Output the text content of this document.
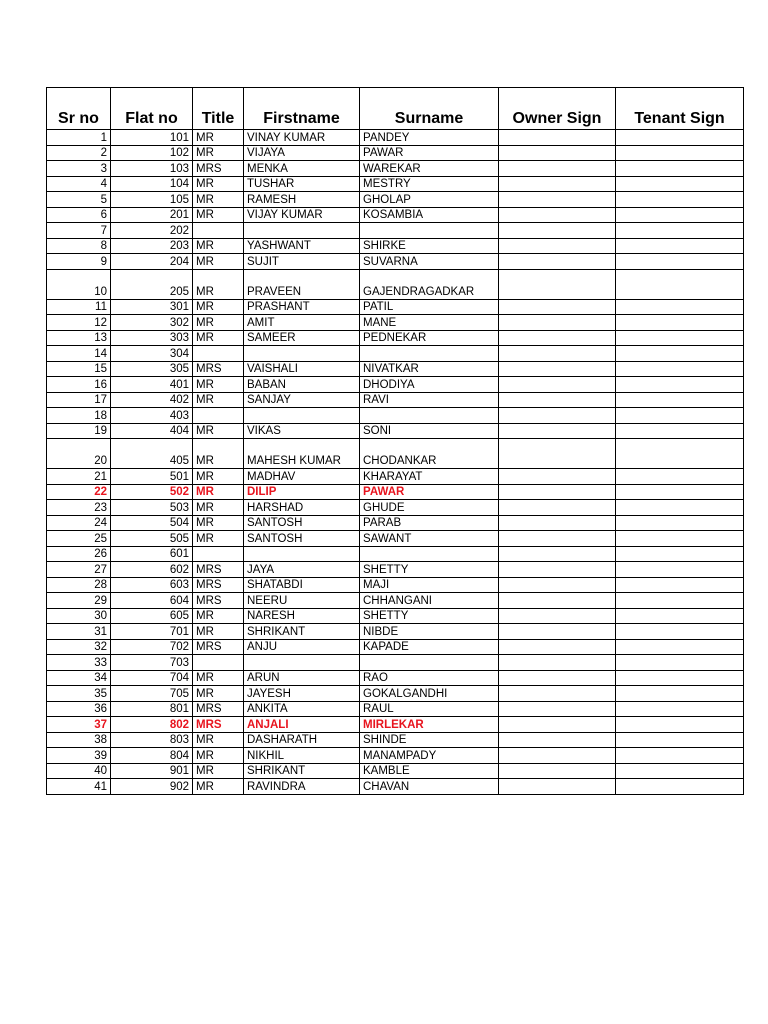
Sr no	Flat no	Title	Firstname	Surname	Owner Sign	Tenant Sign
1	101	MR	VINAY KUMAR	PANDEY		
2	102	MR	VIJAYA	PAWAR		
3	103	MRS	MENKA	WAREKAR		
4	104	MR	TUSHAR	MESTRY		
5	105	MR	RAMESH	GHOLAP		
6	201	MR	VIJAY KUMAR	KOSAMBIA		
7	202					
8	203	MR	YASHWANT	SHIRKE		
9	204	MR	SUJIT	SUVARNA		
10	205	MR	PRAVEEN	GAJENDRAGADKAR		
11	301	MR	PRASHANT	PATIL		
12	302	MR	AMIT	MANE		
13	303	MR	SAMEER	PEDNEKAR		
14	304					
15	305	MRS	VAISHALI	NIVATKAR		
16	401	MR	BABAN	DHODIYA		
17	402	MR	SANJAY	RAVI		
18	403					
19	404	MR	VIKAS	SONI		
20	405	MR	MAHESH KUMAR	CHODANKAR		
21	501	MR	MADHAV	KHARAYAT		
22	502	MR	DILIP	PAWAR		
23	503	MR	HARSHAD	GHUDE		
24	504	MR	SANTOSH	PARAB		
25	505	MR	SANTOSH	SAWANT		
26	601					
27	602	MRS	JAYA	SHETTY		
28	603	MRS	SHATABDI	MAJI		
29	604	MRS	NEERU	CHHANGANI		
30	605	MR	NARESH	SHETTY		
31	701	MR	SHRIKANT	NIBDE		
32	702	MRS	ANJU	KAPADE		
33	703					
34	704	MR	ARUN	RAO		
35	705	MR	JAYESH	GOKALGANDHI		
36	801	MRS	ANKITA	RAUL		
37	802	MRS	ANJALI	MIRLEKAR		
38	803	MR	DASHARATH	SHINDE		
39	804	MR	NIKHIL	MANAMPADY		
40	901	MR	SHRIKANT	KAMBLE		
41	902	MR	RAVINDRA	CHAVAN		
